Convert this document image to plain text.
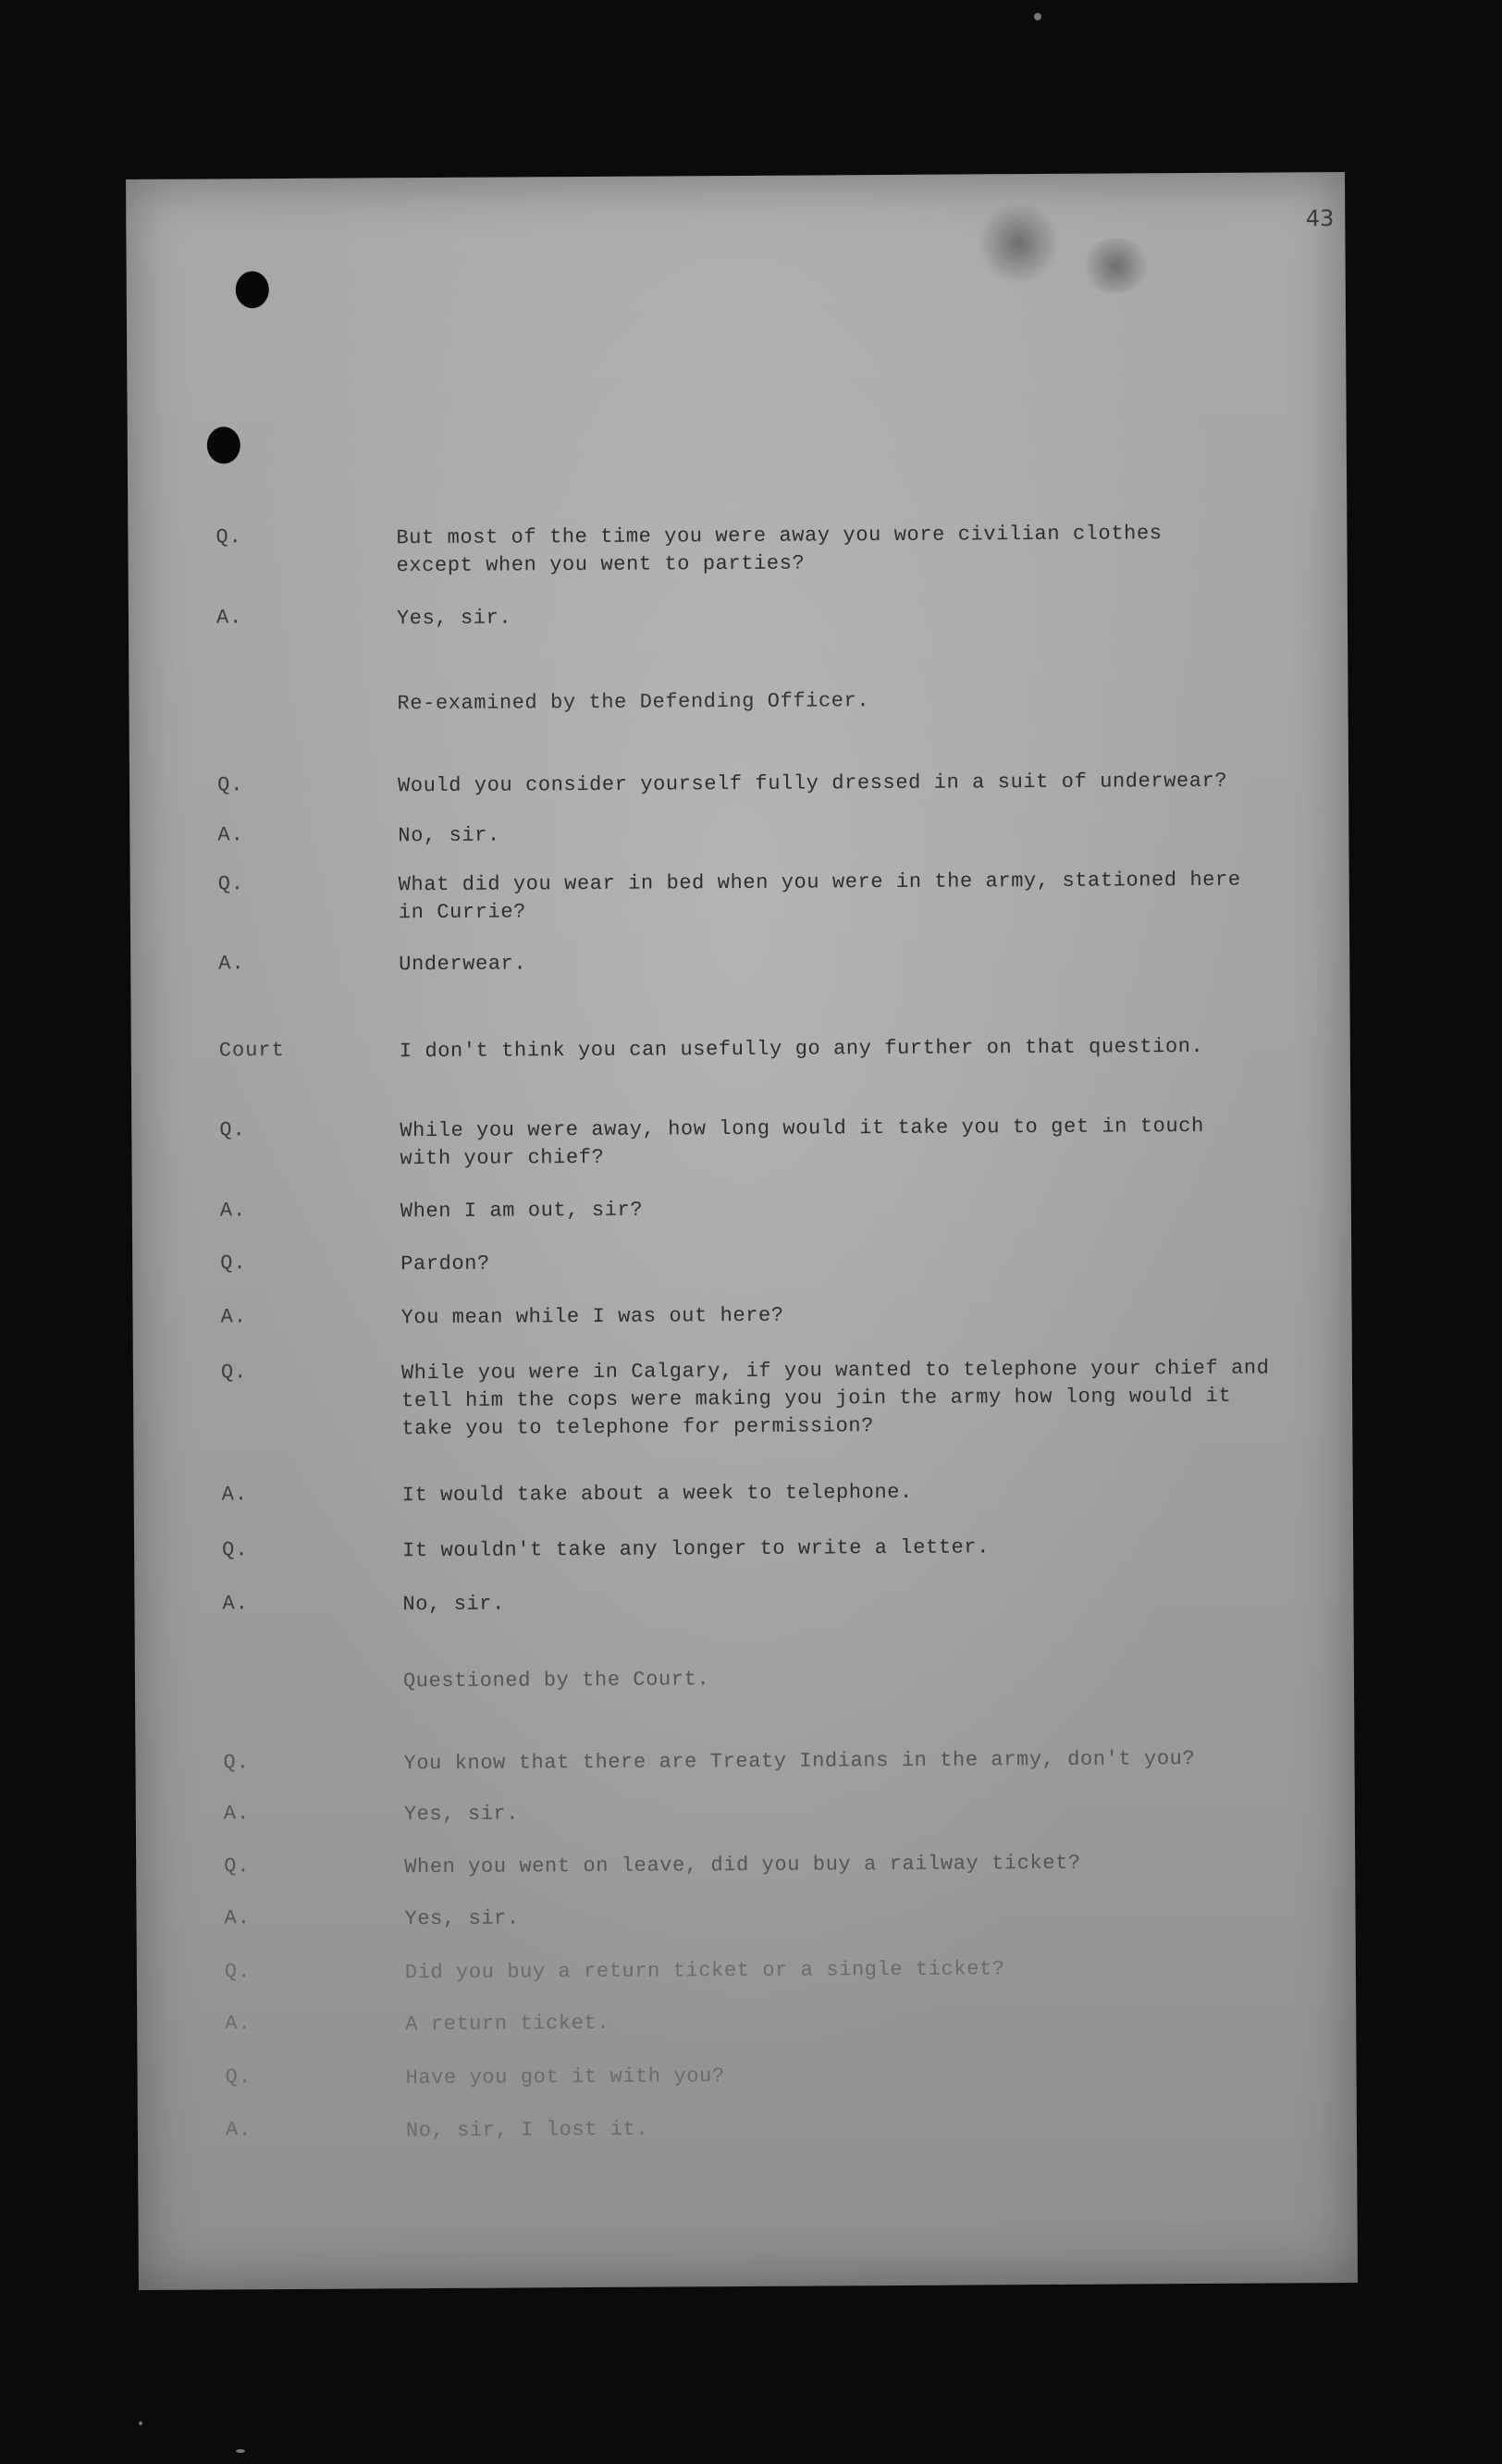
43
Q.	But most of the time you were away you wore civilian clothes
except when you went to parties?
A.	Yes, sir.
Re-examined by the Defending Officer.
Q.	Would you consider yourself fully dressed in a suit of underwear?
A.	No, sir.
Q.	What did you wear in bed when you were in the army, stationed here
in Currie?
A.	Underwear.
Court	I don't think you can usefully go any further on that question.
Q.	While you were away, how long would it take you to get in touch
with your chief?
A.	When I am out, sir?
Q.	Pardon?
A.	You mean while I was out here?
Q.	While you were in Calgary, if you wanted to telephone your chief and
tell him the cops were making you join the army how long would it
take you to telephone for permission?
A.	It would take about a week to telephone.
Q.	It wouldn't take any longer to write a letter.
A.	No, sir.
Questioned by the Court.
Q.	You know that there are Treaty Indians in the army, don't you?
A.	Yes, sir.
Q.	When you went on leave, did you buy a railway ticket?
A.	Yes, sir.
Q.	Did you buy a return ticket or a single ticket?
A.	A return ticket.
Q.	Have you got it with you?
A.	No, sir, I lost it.
